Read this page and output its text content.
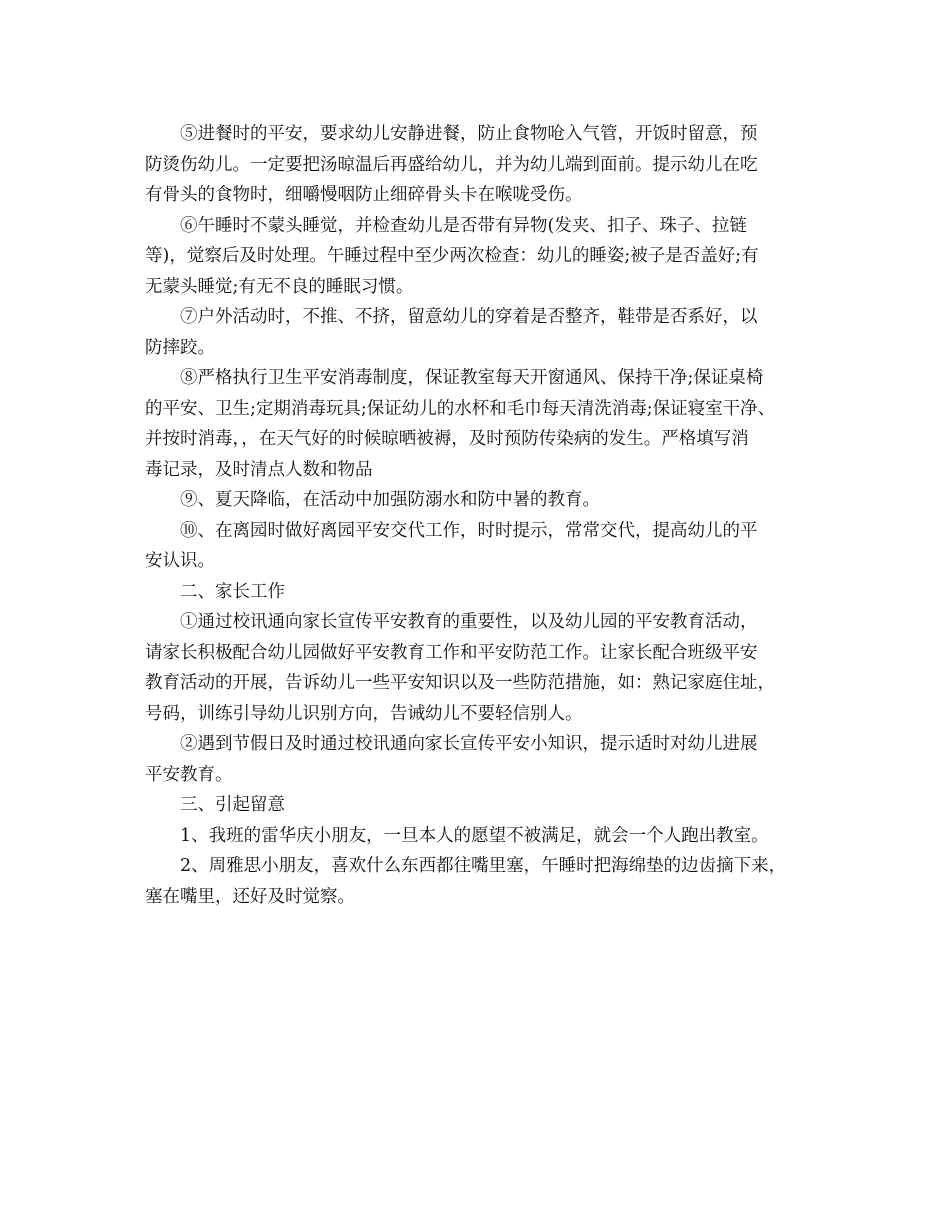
⑤进餐时的平安，要求幼儿安静进餐，防止食物呛入气管，开饭时留意，预
防烫伤幼儿。一定要把汤晾温后再盛给幼儿，并为幼儿端到面前。提示幼儿在吃
有骨头的食物时，细嚼慢咽防止细碎骨头卡在喉咙受伤。
⑥午睡时不蒙头睡觉，并检查幼儿是否带有异物(发夹、扣子、珠子、拉链
等)，觉察后及时处理。午睡过程中至少两次检查：幼儿的睡姿;被子是否盖好;有
无蒙头睡觉;有无不良的睡眠习惯。
⑦户外活动时，不推、不挤，留意幼儿的穿着是否整齐，鞋带是否系好，以
防摔跤。
⑧严格执行卫生平安消毒制度，保证教室每天开窗通风、保持干净;保证桌椅
的平安、卫生;定期消毒玩具;保证幼儿的水杯和毛巾每天清洗消毒;保证寝室干净、
并按时消毒，，在天气好的时候晾晒被褥，及时预防传染病的发生。严格填写消
毒记录，及时清点人数和物品
⑨、夏天降临，在活动中加强防溺水和防中暑的教育。
⑩、在离园时做好离园平安交代工作，时时提示，常常交代，提高幼儿的平
安认识。
二、家长工作
①通过校讯通向家长宣传平安教育的重要性，以及幼儿园的平安教育活动，
请家长积极配合幼儿园做好平安教育工作和平安防范工作。让家长配合班级平安
教育活动的开展，告诉幼儿一些平安知识以及一些防范措施，如：熟记家庭住址，
号码，训练引导幼儿识别方向，告诫幼儿不要轻信别人。
②遇到节假日及时通过校讯通向家长宣传平安小知识，提示适时对幼儿进展
平安教育。
三、引起留意
1、我班的雷华庆小朋友，一旦本人的愿望不被满足，就会一个人跑出教室。
2、周雅思小朋友，喜欢什么东西都往嘴里塞，午睡时把海绵垫的边齿摘下来，
塞在嘴里，还好及时觉察。
